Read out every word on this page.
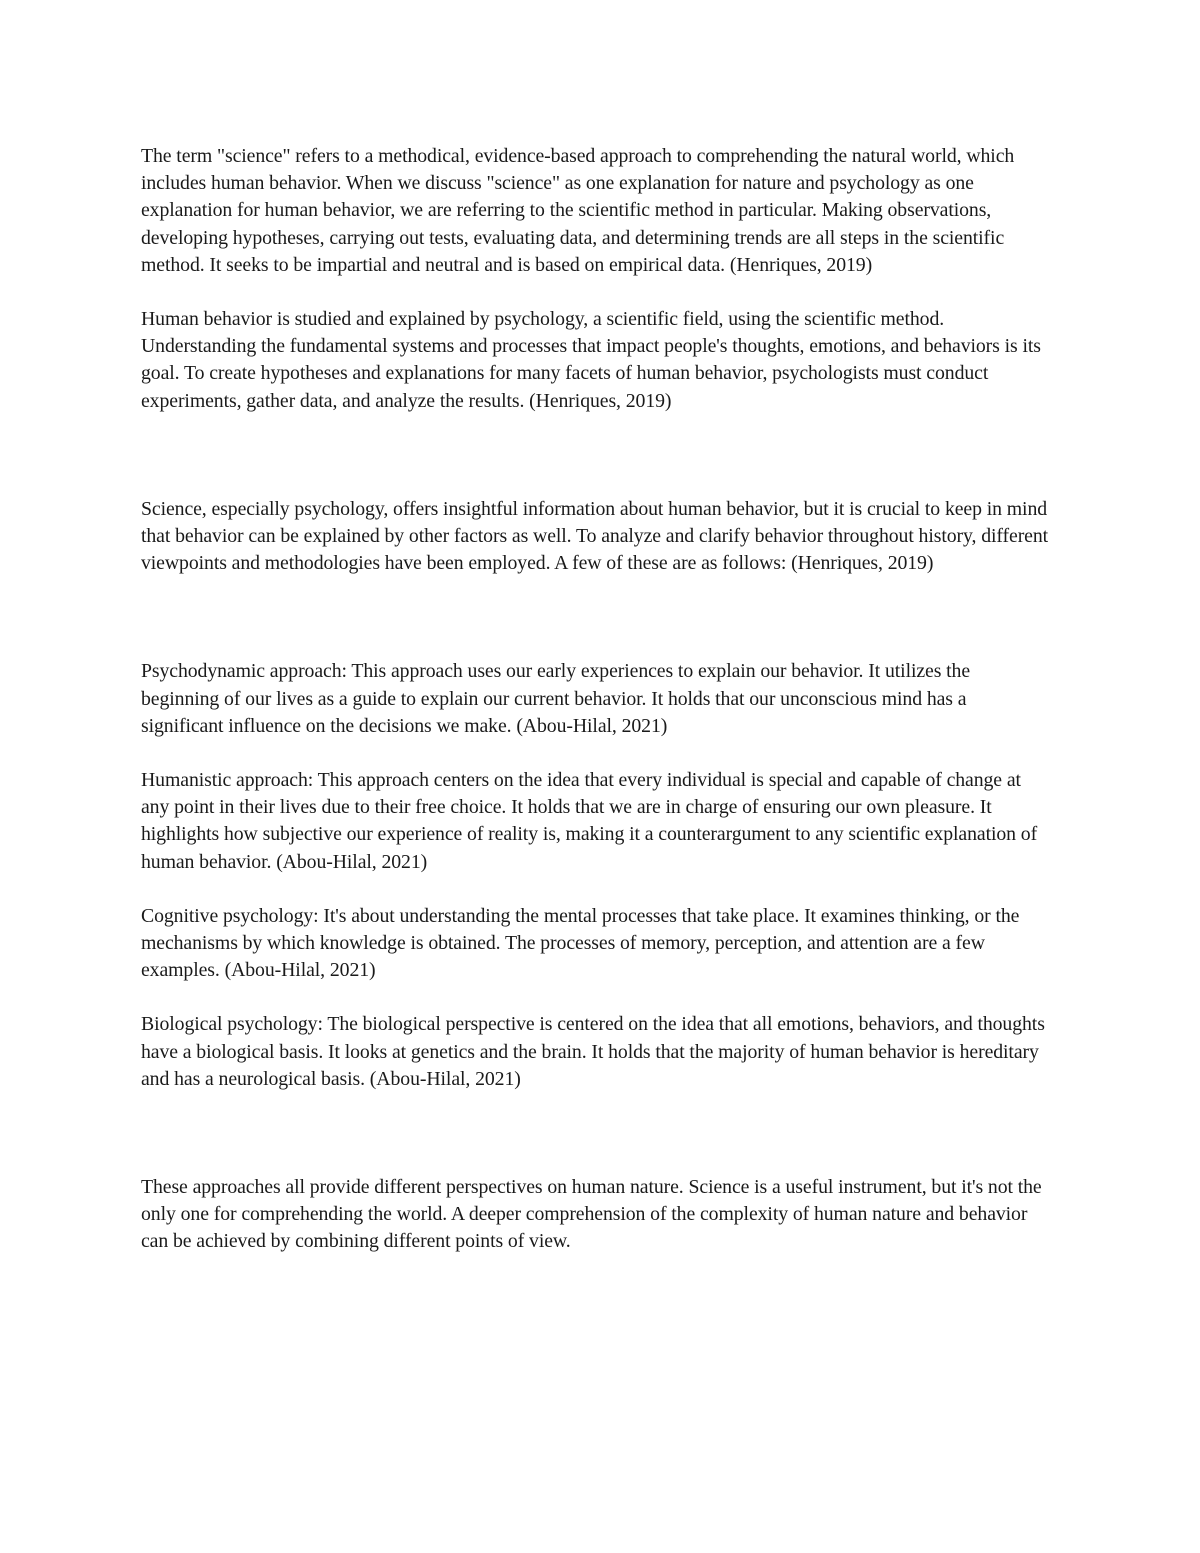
The term "science" refers to a methodical, evidence-based approach to comprehending the natural world, which includes human behavior. When we discuss "science" as one explanation for nature and psychology as one explanation for human behavior, we are referring to the scientific method in particular. Making observations, developing hypotheses, carrying out tests, evaluating data, and determining trends are all steps in the scientific method. It seeks to be impartial and neutral and is based on empirical data. (Henriques, 2019)

Human behavior is studied and explained by psychology, a scientific field, using the scientific method. Understanding the fundamental systems and processes that impact people's thoughts, emotions, and behaviors is its goal. To create hypotheses and explanations for many facets of human behavior, psychologists must conduct experiments, gather data, and analyze the results. (Henriques, 2019)

Science, especially psychology, offers insightful information about human behavior, but it is crucial to keep in mind that behavior can be explained by other factors as well. To analyze and clarify behavior throughout history, different viewpoints and methodologies have been employed. A few of these are as follows: (Henriques, 2019)

Psychodynamic approach: This approach uses our early experiences to explain our behavior. It utilizes the beginning of our lives as a guide to explain our current behavior. It holds that our unconscious mind has a significant influence on the decisions we make. (Abou-Hilal, 2021)

Humanistic approach: This approach centers on the idea that every individual is special and capable of change at any point in their lives due to their free choice. It holds that we are in charge of ensuring our own pleasure. It highlights how subjective our experience of reality is, making it a counterargument to any scientific explanation of human behavior. (Abou-Hilal, 2021)

Cognitive psychology: It's about understanding the mental processes that take place. It examines thinking, or the mechanisms by which knowledge is obtained. The processes of memory, perception, and attention are a few examples. (Abou-Hilal, 2021)

Biological psychology: The biological perspective is centered on the idea that all emotions, behaviors, and thoughts have a biological basis. It looks at genetics and the brain. It holds that the majority of human behavior is hereditary and has a neurological basis. (Abou-Hilal, 2021)

These approaches all provide different perspectives on human nature. Science is a useful instrument, but it's not the only one for comprehending the world. A deeper comprehension of the complexity of human nature and behavior can be achieved by combining different points of view.
